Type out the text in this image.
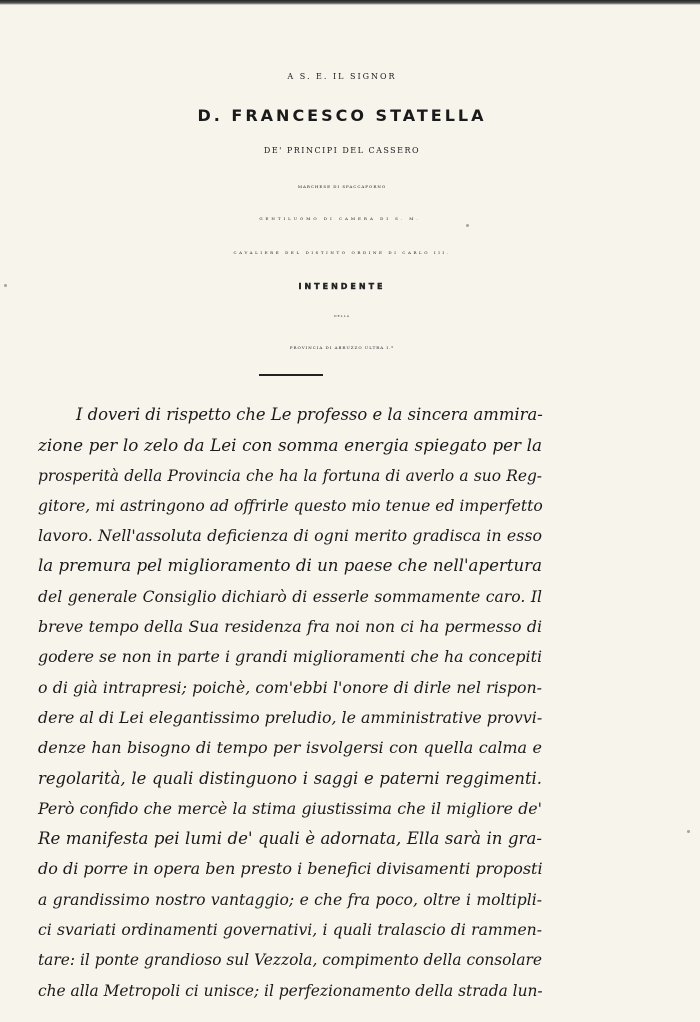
A S. E. IL SIGNOR
D. FRANCESCO STATELLA
DE' PRINCIPI DEL CASSERO
MARCHESE DI SPACCAFORNO
GENTILUOMO DI CAMERA DI S. M.
CAVALIERE DEL DISTINTO ORDINE DI CARLO III.
INTENDENTE
DELLA
PROVINCIA DI ABRUZZO ULTRA I.º
I doveri di rispetto che Le professo e la sincera ammira-
zione per lo zelo da Lei con somma energia spiegato per la
prosperità della Provincia che ha la fortuna di averlo a suo Reg-
gitore, mi astringono ad offrirle questo mio tenue ed imperfetto
lavoro. Nell'assoluta deficienza di ogni merito gradisca in esso
la premura pel miglioramento di un paese che nell'apertura
del generale Consiglio dichiarò di esserle sommamente caro. Il
breve tempo della Sua residenza fra noi non ci ha permesso di
godere se non in parte i grandi miglioramenti che ha concepiti
o di già intrapresi; poichè, com'ebbi l'onore di dirle nel rispon-
dere al di Lei elegantissimo preludio, le amministrative provvi-
denze han bisogno di tempo per isvolgersi con quella calma e
regolarità, le quali distinguono i saggi e paterni reggimenti.
Però confido che mercè la stima giustissima che il migliore de'
Re manifesta pei lumi de' quali è adornata, Ella sarà in gra-
do di porre in opera ben presto i benefici divisamenti proposti
a grandissimo nostro vantaggio; e che fra poco, oltre i moltipli-
ci svariati ordinamenti governativi, i quali tralascio di rammen-
tare: il ponte grandioso sul Vezzola, compimento della consolare
che alla Metropoli ci unisce; il perfezionamento della strada lun-
